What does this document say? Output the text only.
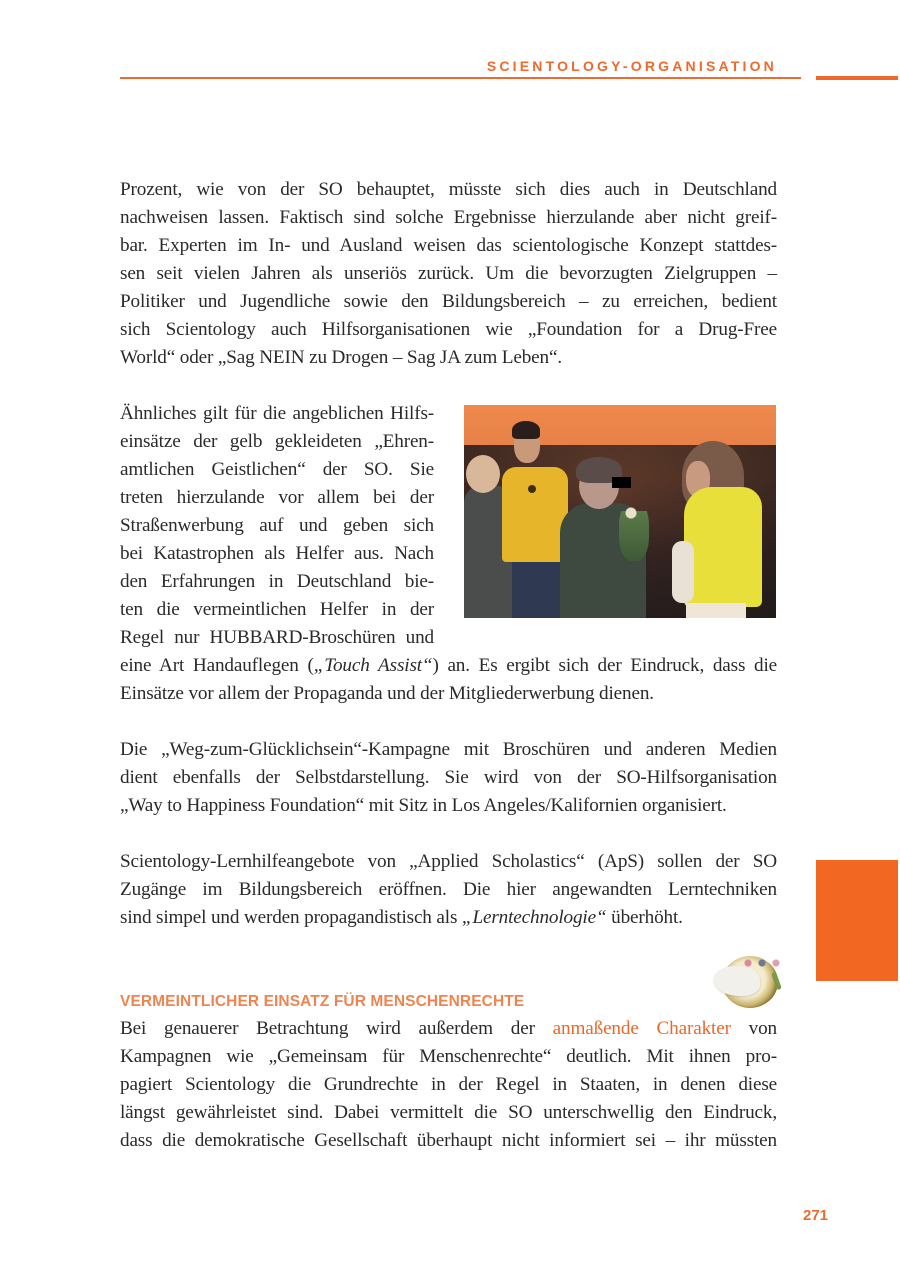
SCIENTOLOGY-ORGANISATION
Prozent, wie von der SO behauptet, müsste sich dies auch in Deutschland
nachweisen lassen. Faktisch sind solche Ergebnisse hierzulande aber nicht greif-
bar. Experten im In- und Ausland weisen das scientologische Konzept stattdes-
sen seit vielen Jahren als unseriös zurück. Um die bevorzugten Zielgruppen –
Politiker und Jugendliche sowie den Bildungsbereich – zu erreichen, bedient
sich Scientology auch Hilfsorganisationen wie „Foundation for a Drug-Free
World“ oder „Sag NEIN zu Drogen – Sag JA zum Leben“.
Ähnliches gilt für die angeblichen Hilfs-
einsätze der gelb gekleideten „Ehren-
amtlichen Geistlichen“ der SO. Sie
treten hierzulande vor allem bei der
Straßenwerbung auf und geben sich
bei Katastrophen als Helfer aus. Nach
den Erfahrungen in Deutschland bie-
ten die vermeintlichen Helfer in der
Regel nur HUBBARD-Broschüren und
eine Art Handauflegen („Touch Assist“) an. Es ergibt sich der Eindruck, dass die
Einsätze vor allem der Propaganda und der Mitgliederwerbung dienen.
Die „Weg-zum-Glücklichsein“-Kampagne mit Broschüren und anderen Medien
dient ebenfalls der Selbstdarstellung. Sie wird von der SO-Hilfsorganisation
„Way to Happiness Foundation“ mit Sitz in Los Angeles/Kalifornien organisiert.
Scientology-Lernhilfeangebote von „Applied Scholastics“ (ApS) sollen der SO
Zugänge im Bildungsbereich eröffnen. Die hier angewandten Lerntechniken
sind simpel und werden propagandistisch als „Lerntechnologie“ überhöht.
VERMEINTLICHER EINSATZ FÜR MENSCHENRECHTE
Bei genauerer Betrachtung wird außerdem der anmaßende Charakter von
Kampagnen wie „Gemeinsam für Menschenrechte“ deutlich. Mit ihnen pro-
pagiert Scientology die Grundrechte in der Regel in Staaten, in denen diese
längst gewährleistet sind. Dabei vermittelt die SO unterschwellig den Eindruck,
dass die demokratische Gesellschaft überhaupt nicht informiert sei – ihr müssten
271
